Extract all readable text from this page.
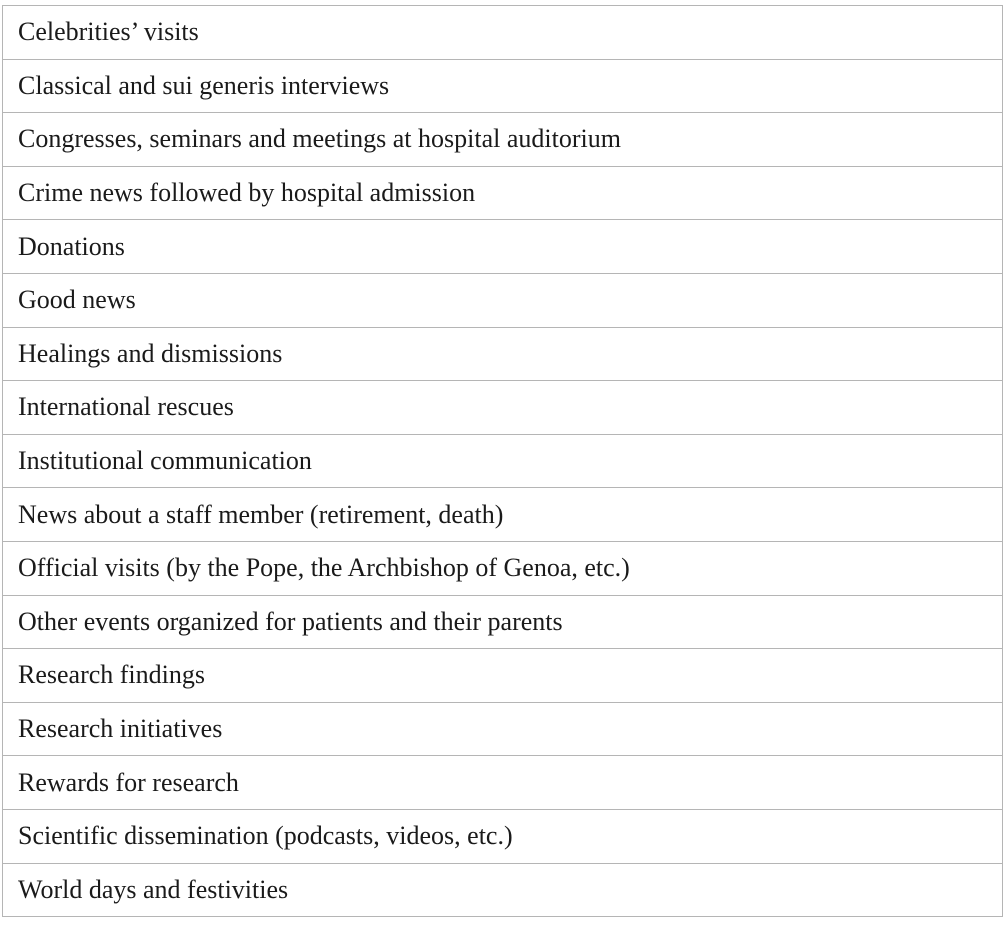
Celebrities’ visits
Classical and sui generis interviews
Congresses, seminars and meetings at hospital auditorium
Crime news followed by hospital admission
Donations
Good news
Healings and dismissions
International rescues
Institutional communication
News about a staff member (retirement, death)
Official visits (by the Pope, the Archbishop of Genoa, etc.)
Other events organized for patients and their parents
Research findings
Research initiatives
Rewards for research
Scientific dissemination (podcasts, videos, etc.)
World days and festivities
